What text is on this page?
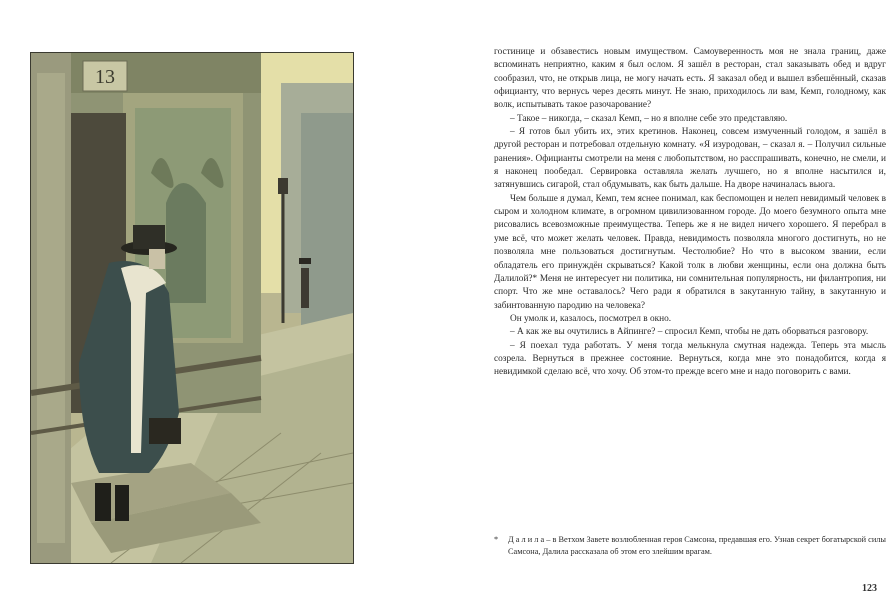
13

гостинице и обзавестись новым имуществом. Самоуверенность моя не знала границ, даже вспоминать неприятно, каким я был ослом. Я зашёл в ресторан, стал заказывать обед и вдруг сообразил, что, не открыв лица, не могу начать есть. Я заказал обед и вышел взбешённый, сказав официанту, что вернусь через десять минут. Не знаю, приходилось ли вам, Кемп, голодному, как волк, испытывать такое разочарование?

– Такое – никогда, – сказал Кемп, – но я вполне себе это представляю.

– Я готов был убить их, этих кретинов. Наконец, совсем измученный голодом, я зашёл в другой ресторан и потребовал отдельную комнату. «Я изуродован, – сказал я. – Получил сильные ранения». Официанты смотрели на меня с любопытством, но расспрашивать, конечно, не смели, и я наконец пообедал. Сервировка оставляла желать лучшего, но я вполне насытился и, затянувшись сигарой, стал обдумывать, как быть дальше. На дворе начиналась вьюга.

Чем больше я думал, Кемп, тем яснее понимал, как беспомощен и нелеп невидимый человек в сыром и холодном климате, в огромном цивилизованном городе. До моего безумного опыта мне рисовались всевозможные преимущества. Теперь же я не видел ничего хорошего. Я перебрал в уме всё, что может желать человек. Правда, невидимость позволяла многого достигнуть, но не позволяла мне пользоваться достигнутым. Честолюбие? Но что в высоком звании, если обладатель его принуждён скрываться? Какой толк в любви женщины, если она должна быть Далилой?* Меня не интересует ни политика, ни сомнительная популярность, ни филантропия, ни спорт. Что же мне оставалось? Чего ради я обратился в закутанную тайну, в закутанную и забинтованную пародию на человека?

Он умолк и, казалось, посмотрел в окно.

– А как же вы очутились в Айпинге? – спросил Кемп, чтобы не дать оборваться разговору.

– Я поехал туда работать. У меня тогда мелькнула смутная надежда. Теперь эта мысль созрела. Вернуться в прежнее состояние. Вернуться, когда мне это понадобится, когда я невидимкой сделаю всё, что хочу. Об этом-то прежде всего мне и надо поговорить с вами.

* Д а л и л а – в Ветхом Завете возлюбленная героя Самсона, предавшая его. Узнав секрет богатырской силы Самсона, Далила рассказала об этом его злейшим врагам.
123
